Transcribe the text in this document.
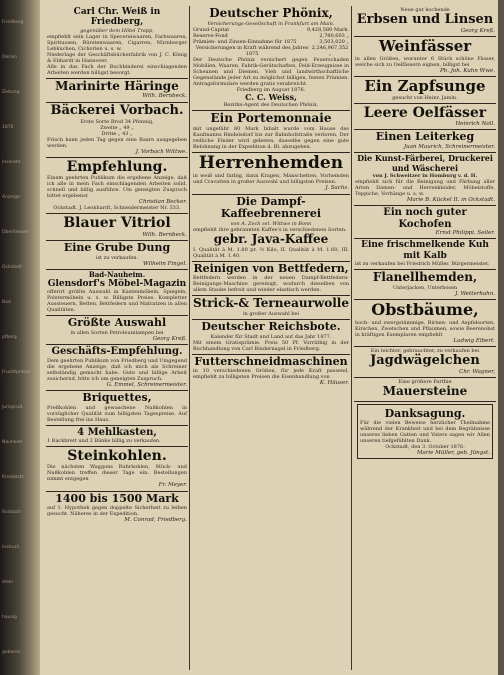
Friedberg
Oerlen
Zeitung
1876
Inserate
Anzeige
Oberhessen
Ockstadt
Bad
pfberg
Fruchtpreise
jurisprud.
Nauheim
Kreisblatt
Rosbach
instruct
stein
hausig
geboren
Carl Chr. Weiß in Friedberg,
gegenüber dem Hôtel Trapp,
empfiehlt sein Lager in Specereiwaaren, Farbwaaren, Spirituosen, Bürstenwaaren, Cigarren, Nürnberger Lebkuchen, Cichorien u. s. w.
Niederlage der Geschäftsbücherfabrik von J. C. König & Ebhardt in Hannover.
Alle in das Fach der Buchbinderei einschlagenden Arbeiten werden billigst besorgt.
Marinirte Häringe
Wilh. Bernbeck.
Bäckerei Vorbach.
Erste Sorte Brod 34 Pfennig,
Zweite „ 49 „
Dritte „ 43 „
Frisch kann jeden Tag gegen eine Baare ausgegeben werden.
J. Vorbach Wittwe.
Empfehlung.
Einem geehrten Publikum die ergebene Anzeige, daß ich alle in mein Fach einschlagenden Arbeiten solid, schnell und billig ausführe. Um geneigten Zuspruch bittet ergebenst
Christian Becker.
Ockstadt. J. Leonhardt, Schneidermeister Nr. 333.
Blauer Vitriol
Wilh. Bernbeck.
Eine Grube Dung
ist zu verkaufen.
Wilhelm Fingel.
Bad-Nauheim.
Glensdorf's Möbel-Magazin
offerirt größte Auswahl in Kastenmöbeln, Spiegeln, Polstermöbeln u. s. w. Billigste Preise. Kompletter Aussteuern, Betten, Bettfedern und Matratzen in allen Qualitäten.
Größte Auswahl
in allen Sorten Petroleumlampen bei
Georg Kreß.
Geschäfts-Empfehlung.
Dem geehrten Publikum von Friedberg und Umgegend die ergebene Anzeige, daß ich mich als Schreiner selbständig gemacht habe. Gute und billige Arbeit zusichernd, bitte ich um geneigten Zuspruch.
G. Emmel, Schreinermeister.
Briquettes,
Preßkohlen und gewaschene Nußkohlen in vorzüglicher Qualität zum billigsten Tagespreise. Auf Bestellung frei ins Haus.
4 Mehlkasten,
1 Backbrett und 2 Bänke billig zu verkaufen.
Steinkohlen.
Die nächsten Waggons Ruhrkohlen, Stück- und Nußkohlen treffen dieser Tage ein. Bestellungen nimmt entgegen
Fr. Meyer.
1400 bis 1500 Mark
auf 1. Hypothek gegen doppelte Sicherheit zu leihen gesucht. Näheres in der Expedition.
M. Conrad, Friedberg.
Deutscher Phönix,
Versicherungs-Gesellschaft in Frankfurt am Main.
Grund-Capital	9,428,580 Mark.
Reserve-Fond	2,780,603 „
Prämien- und Zinsen-Einnahme für 1875	3,503,020 „
Versicherungen in Kraft während des Jahres 1875
2,246,967,352 „
Der Deutsche Phönix versichert gegen Feuerschaden Mobilien, Waaren, Fabrik-Gerätschaften, Feld-Erzeugnisse in Scheunen und Diemen, Vieh und landwirthschaftliche Gegenstände jeder Art zu möglichst billigen, festen Prämien. Antragsformulare werden gratis verabreicht.
Friedberg im August 1876.
C. C. Weiss,
Bezirks-Agent des Deutschen Phönix.
Ein Portemonnaie
mit ungefähr 80 Mark Inhalt wurde vom Hause des Kaufmanns Rindelsdorf bis zur Bahnhofstraße verloren. Der redliche Finder wird gebeten, dasselbe gegen eine gute Belohnung in der Expedition d. Bl. abzugeben.
Herrenhemden
in weiß und farbig, dann Kragen, Manschetten, Vorhemden und Cravatten in großer Auswahl und billigsten Preisen.
J. Sachs.
Die Dampf-Kaffeebrennerei
von A. Zech sel. Wittwe in Bonn
empfiehlt ihre gebrannten Kaffee's in verschiedenen Sorten.
gebr. Java-Kaffee
I. Qualität à M. 1.80 pr. ½ Kilo, II. Qualität à M. 1.60, III. Qualität à M. 1.40.
Reinigen von Bettfedern,
Bettfedern werden in der neuen Dampf-Bettfedern-Reinigungs-Maschine gereinigt, wodurch dieselben von allem Staube befreit und wieder elastisch werden.
Strick-& Terneaurwolle
in großer Auswahl bei
Deutscher Reichsbote.
Kalender für Stadt und Land auf das Jahr 1877.
Mit einem Gratisprämie. Preis 50 Pf. Vorräthig in der Buchhandlung von Carl Bindernagel in Friedberg.
Futterschneidmaschinen
in 10 verschiedenen Größen, für jede Kraft passend, empfiehlt zu billigsten Preisen die Eisenhandlung von
K. Häuser.
Neue gut kochende
Erbsen und Linsen
Georg Kreß.
Weinfässer
in allen Größen, worunter 6 Stück schöne Fässer, welche sich zu Oelfässern eignen, billigst bei
Ph. Joh. Kuhn Wwe.
Ein Zapfsunge
gesucht von Heinr. Jamin.
Leere Oelfässer
Heinrich Noll.
Einen Leiterkeg
Juan Maurich, Schreinermeister.
Die Kunst-Färberei, Druckerei und Wäscherei
von J. Schweitzer in Homburg v. d. H.
empfiehlt sich für die Reinigung und Färbung aller Arten Damen- und Herrenkleider, Möbelstoffe, Teppiche, Vorhänge u. s. w.
Marie B. Kückel II. in Ockstadt.
Ein noch guter Kochofen
Ernst Philippi, Seiler.
Eine frischmelkende Kuh mit Kalb
ist zu verkaufen bei Friedrich Müller, Bürgermeister.
Flanellhemden,
Unterjacken, Unterhosen
J. Wetterhahn.
Obstbäume,
hoch- und zwergstämmige, Birnen- und Aepfelsorten, Kirschen, Zwetschen und Pflaumen, sowie Beerenobst in kräftigen Exemplaren empfiehlt
Ludwig Elbert.
Ein leichter, gebrauchter, zu verkaufen bei
Jagdwägelchen
Chr. Wagner,
Eine größere Parthie
Mauersteine
Danksagung.
Für die vielen Beweise herzlicher Theilnahme während der Krankheit und bei dem Begräbnisse unseres lieben Gatten und Vaters sagen wir Allen unseren tiefgefühlten Dank.
Ockstadt, den 3. October 1876.
Marie Müller, geb. Jüngst.
